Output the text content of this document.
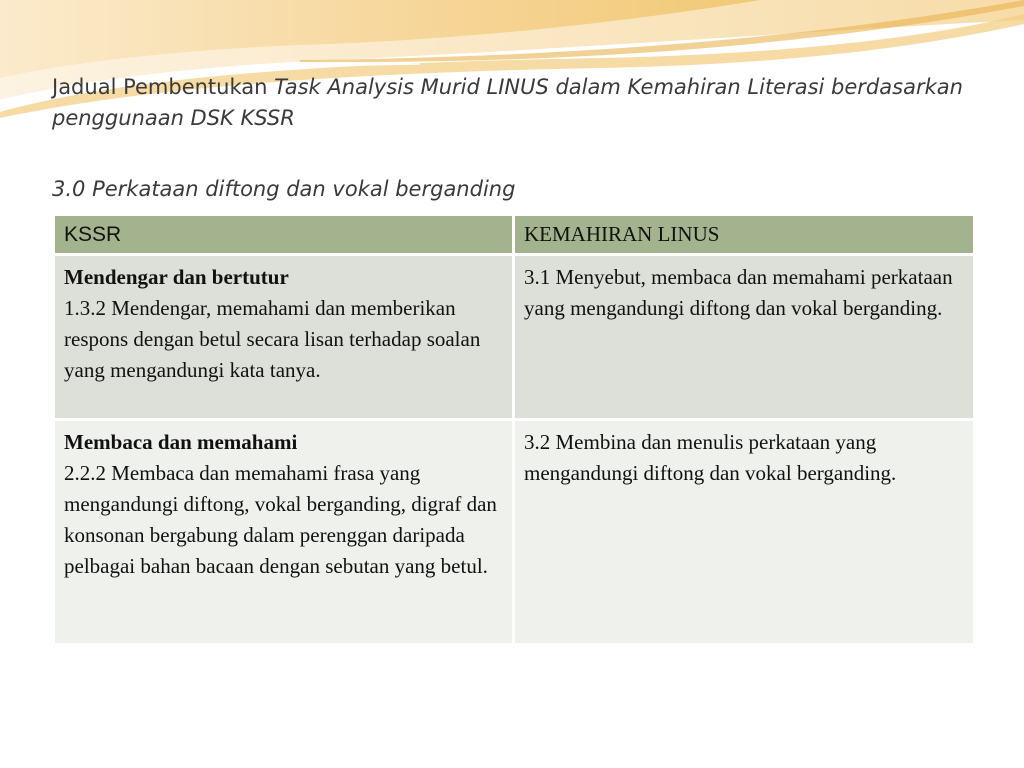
Jadual Pembentukan Task Analysis Murid LINUS dalam Kemahiran Literasi berdasarkan penggunaan DSK KSSR
3.0 Perkataan diftong dan vokal berganding
KSSR	KEMAHIRAN LINUS

Mendengar dan bertutur
1.3.2 Mendengar, memahami dan memberikan respons dengan betul secara lisan terhadap soalan yang mengandungi kata tanya.	3.1 Menyebut, membaca dan memahami perkataan yang mengandungi diftong dan vokal berganding.

Membaca dan memahami
2.2.2 Membaca dan memahami frasa yang mengandungi diftong, vokal berganding, digraf dan konsonan bergabung dalam perenggan daripada pelbagai bahan bacaan dengan sebutan yang betul.	3.2 Membina dan menulis perkataan yang mengandungi diftong dan vokal berganding.
